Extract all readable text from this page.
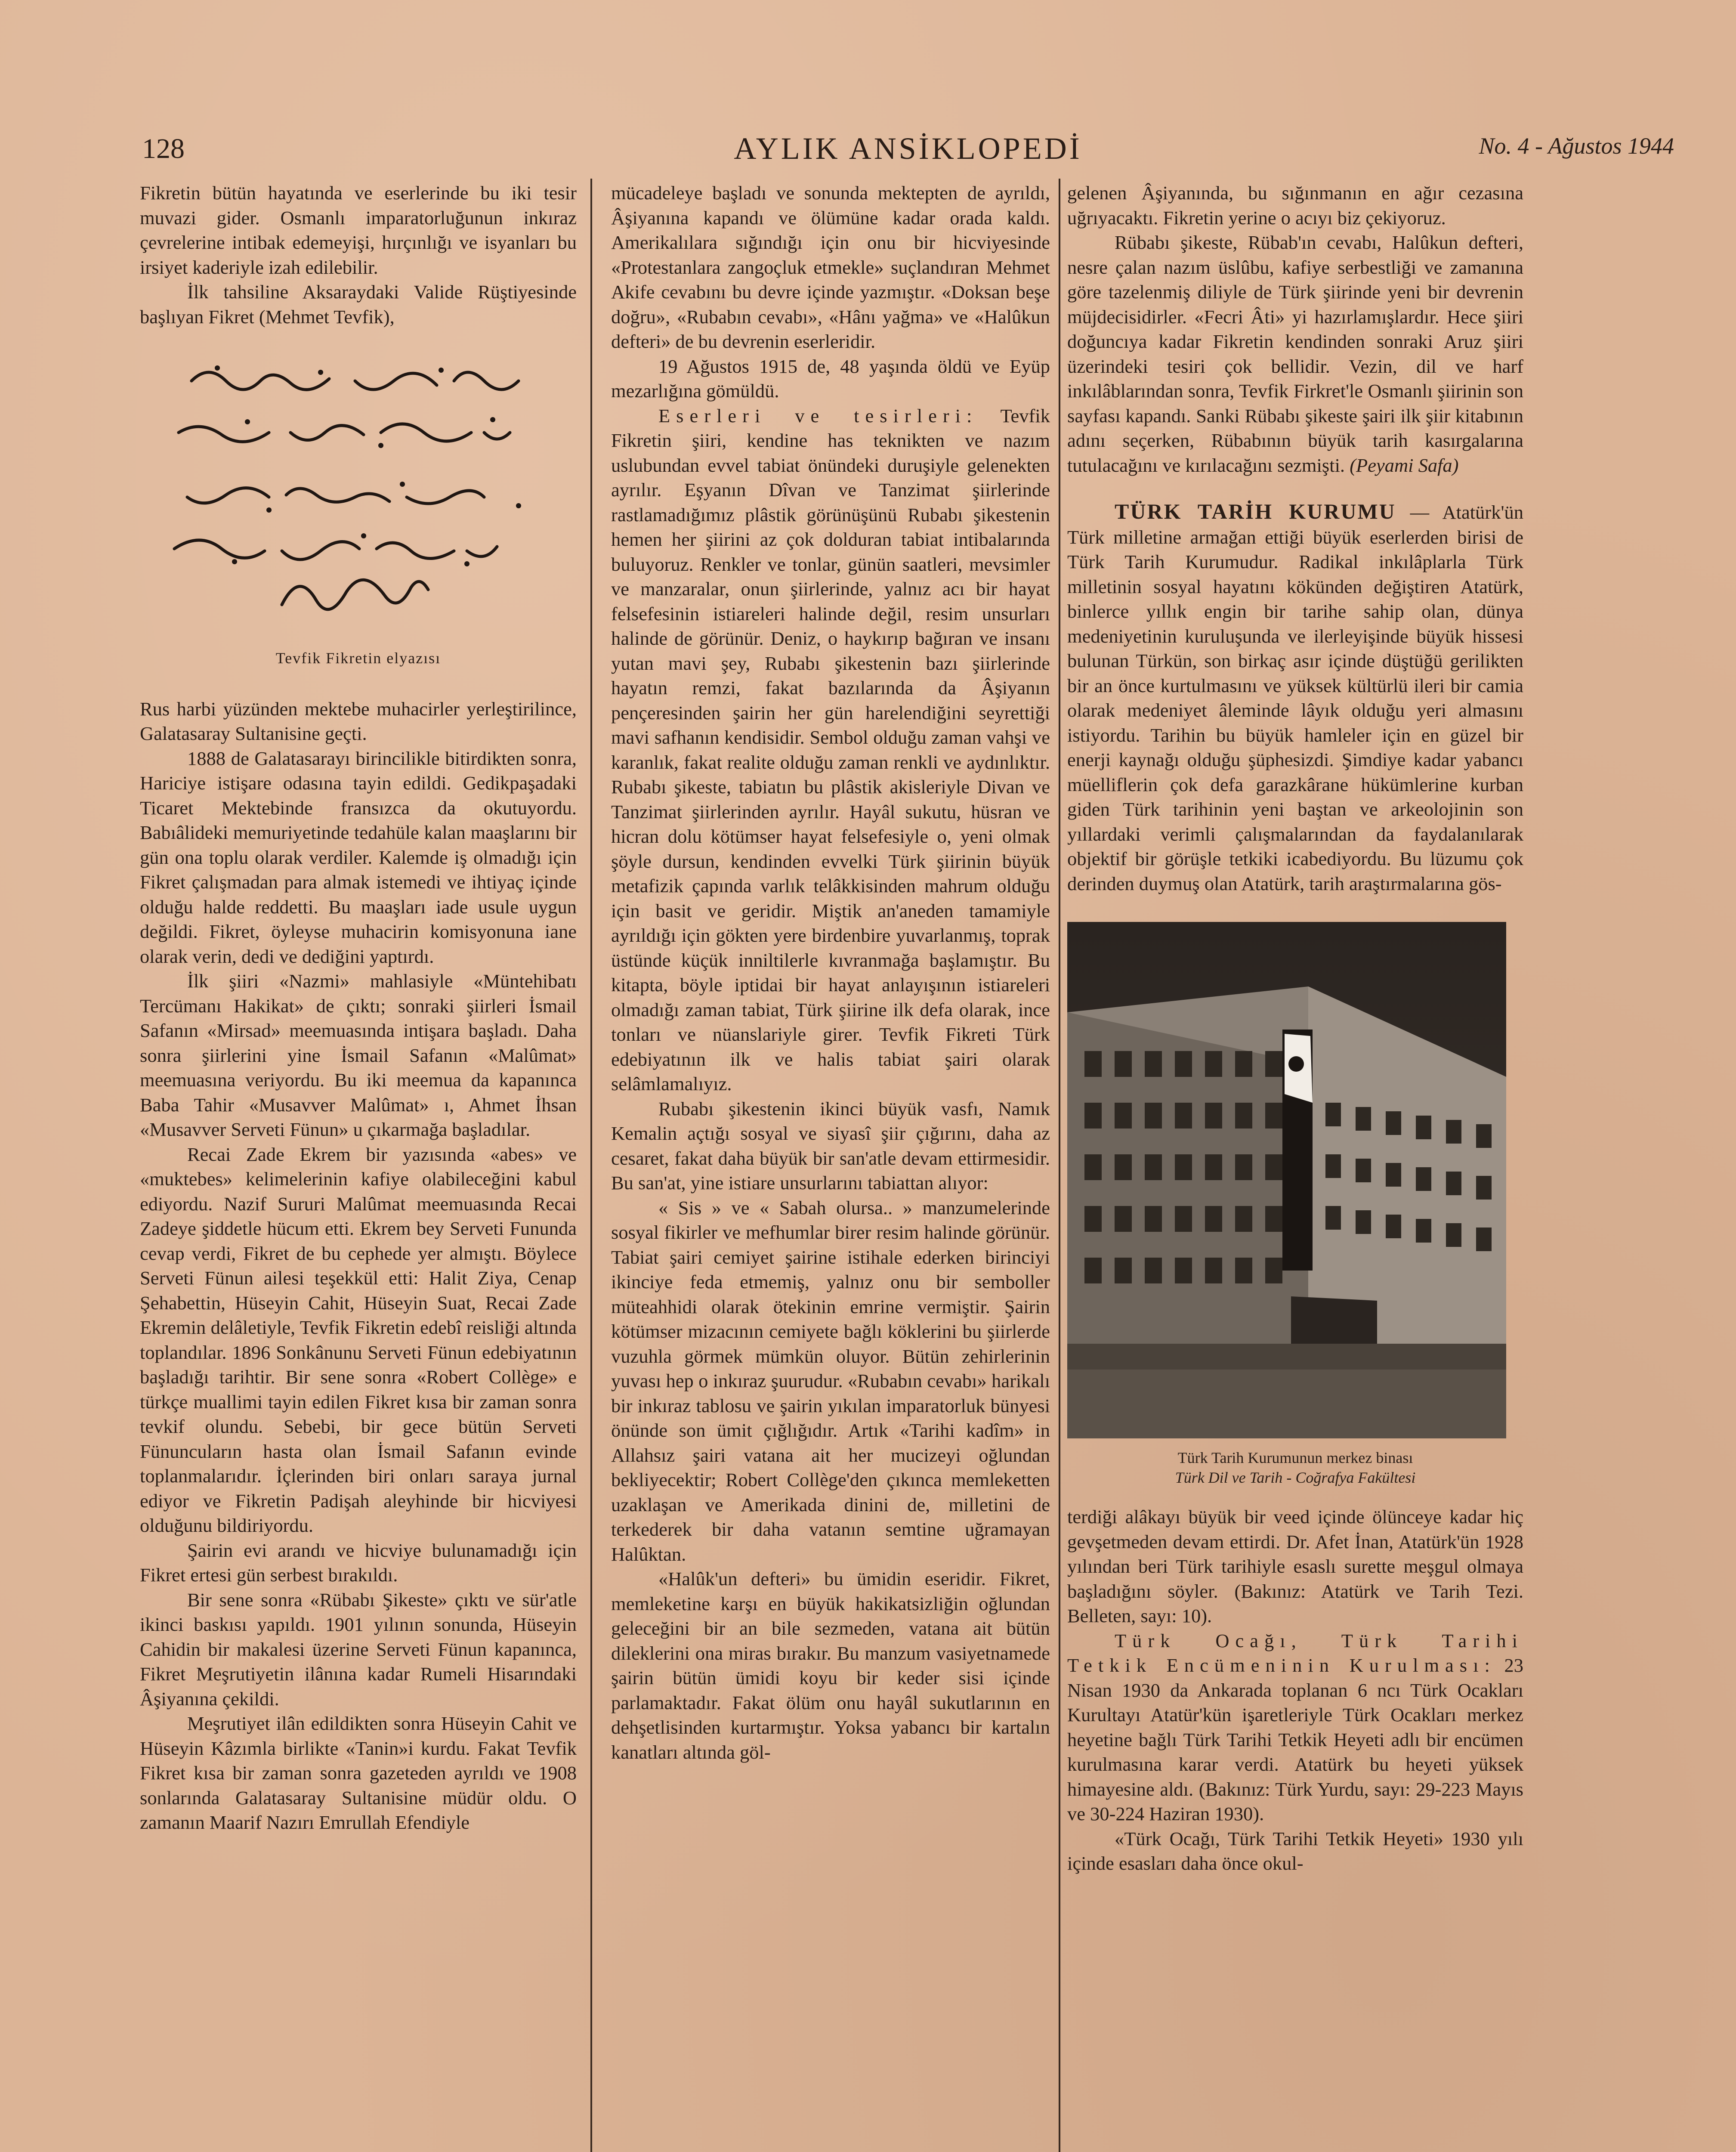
128	AYLIK ANSİKLOPEDİ	No. 4 - Ağustos 1944

Fikretin bütün hayatında ve eserlerinde bu iki tesir muvazi gider. Osmanlı imparatorluğunun inkıraz çevrelerine intibak edemeyişi, hırçınlığı ve isyanları bu irsiyet kaderiyle izah edilebilir.

İlk tahsiline Aksaraydaki Valide Rüştiyesinde başlıyan Fikret (Mehmet Tevfik),

Tevfik Fikretin elyazısı

Rus harbi yüzünden mektebe muhacirler yerleştirilince, Galatasaray Sultanisine geçti.

1888 de Galatasarayı birincilikle bitirdikten sonra, Hariciye istişare odasına tayin edildi. Gedikpaşadaki Ticaret Mektebinde fransızca da okutuyordu. Babıâlideki memuriyetinde tedahüle kalan maaşlarını bir gün ona toplu olarak verdiler. Kalemde iş olmadığı için Fikret çalışmadan para almak istemedi ve ihtiyaç içinde olduğu halde reddetti. Bu maaşları iade usule uygun değildi. Fikret, öyleyse muhacirin komisyonuna iane olarak verin, dedi ve dediğini yaptırdı.

İlk şiiri «Nazmi» mahlasiyle «Müntehibatı Tercümanı Hakikat» de çıktı; sonraki şiirleri İsmail Safanın «Mirsad» meemuasında intişara başladı. Daha sonra şiirlerini yine İsmail Safanın «Malûmat» meemuasına veriyordu. Bu iki meemua da kapanınca Baba Tahir «Musavver Malûmat» ı, Ahmet İhsan «Musavver Serveti Fünun» u çıkarmağa başladılar.

Recai Zade Ekrem bir yazısında «abes» ve «muktebes» kelimelerinin kafiye olabileceğini kabul ediyordu. Nazif Sururi Malûmat meemuasında Recai Zadeye şiddetle hücum etti. Ekrem bey Serveti Fununda cevap verdi, Fikret de bu cephede yer almıştı. Böylece Serveti Fünun ailesi teşekkül etti: Halit Ziya, Cenap Şehabettin, Hüseyin Cahit, Hüseyin Suat, Recai Zade Ekremin delâletiyle, Tevfik Fikretin edebî reisliği altında toplandılar. 1896 Sonkânunu Serveti Fünun edebiyatının başladığı tarihtir. Bir sene sonra «Robert Collège» e türkçe muallimi tayin edilen Fikret kısa bir zaman sonra tevkif olundu. Sebebi, bir gece bütün Serveti Fünuncuların hasta olan İsmail Safanın evinde toplanmalarıdır. İçlerinden biri onları saraya jurnal ediyor ve Fikretin Padişah aleyhinde bir hicviyesi olduğunu bildiriyordu.

Şairin evi arandı ve hicviye bulunamadığı için Fikret ertesi gün serbest bırakıldı.

Bir sene sonra «Rübabı Şikeste» çıktı ve sür'atle ikinci baskısı yapıldı. 1901 yılının sonunda, Hüseyin Cahidin bir makalesi üzerine Serveti Fünun kapanınca, Fikret Meşrutiyetin ilânına kadar Rumeli Hisarındaki Âşiyanına çekildi.

Meşrutiyet ilân edildikten sonra Hüseyin Cahit ve Hüseyin Kâzımla birlikte «Tanin»i kurdu. Fakat Tevfik Fikret kısa bir zaman sonra gazeteden ayrıldı ve 1908 sonlarında Galatasaray Sultanisine müdür oldu. O zamanın Maarif Nazırı Emrullah Efendiyle

mücadeleye başladı ve sonunda mektepten de ayrıldı, Âşiyanına kapandı ve ölümüne kadar orada kaldı. Amerikalılara sığındığı için onu bir hicviyesinde «Protestanlara zangoçluk etmekle» suçlandıran Mehmet Akife cevabını bu devre içinde yazmıştır. «Doksan beşe doğru», «Rubabın cevabı», «Hânı yağma» ve «Halûkun defteri» de bu devrenin eserleridir.

19 Ağustos 1915 de, 48 yaşında öldü ve Eyüp mezarlığına gömüldü.

Eserleri ve tesirleri: Tevfik Fikretin şiiri, kendine has teknikten ve nazım uslubundan evvel tabiat önündeki duruşiyle gelenekten ayrılır. Eşyanın Dîvan ve Tanzimat şiirlerinde rastlamadığımız plâstik görünüşünü Rubabı şikestenin hemen her şiirini az çok dolduran tabiat intibalarında buluyoruz. Renkler ve tonlar, günün saatleri, mevsimler ve manzaralar, onun şiirlerinde, yalnız acı bir hayat felsefesinin istiareleri halinde değil, resim unsurları halinde de görünür. Deniz, o haykırıp bağıran ve insanı yutan mavi şey, Rubabı şikestenin bazı şiirlerinde hayatın remzi, fakat bazılarında da Âşiyanın pençeresinden şairin her gün harelendiğini seyrettiği mavi safhanın kendisidir. Sembol olduğu zaman vahşi ve karanlık, fakat realite olduğu zaman renkli ve aydınlıktır. Rubabı şikeste, tabiatın bu plâstik akisleriyle Divan ve Tanzimat şiirlerinden ayrılır. Hayâl sukutu, hüsran ve hicran dolu kötümser hayat felsefesiyle o, yeni olmak şöyle dursun, kendinden evvelki Türk şiirinin büyük metafizik çapında varlık telâkkisinden mahrum olduğu için basit ve geridir. Miştik an'aneden tamamiyle ayrıldığı için gökten yere birdenbire yuvarlanmış, toprak üstünde küçük inniltilerle kıvranmağa başlamıştır. Bu kitapta, böyle iptidai bir hayat anlayışının istiareleri olmadığı zaman tabiat, Türk şiirine ilk defa olarak, ince tonları ve nüanslariyle girer. Tevfik Fikreti Türk edebiyatının ilk ve halis tabiat şairi olarak selâmlamalıyız.

Rubabı şikestenin ikinci büyük vasfı, Namık Kemalin açtığı sosyal ve siyasî şiir çığırını, daha az cesaret, fakat daha büyük bir san'atle devam ettirmesidir. Bu san'at, yine istiare unsurlarını tabiattan alıyor:

« Sis » ve « Sabah olursa.. » manzumelerinde sosyal fikirler ve mefhumlar birer resim halinde görünür. Tabiat şairi cemiyet şairine istihale ederken birinciyi ikinciye feda etmemiş, yalnız onu bir semboller müteahhidi olarak ötekinin emrine vermiştir. Şairin kötümser mizacının cemiyete bağlı köklerini bu şiirlerde vuzuhla görmek mümkün oluyor. Bütün zehirlerinin yuvası hep o inkıraz şuurudur. «Rubabın cevabı» harikalı bir inkıraz tablosu ve şairin yıkılan imparatorluk bünyesi önünde son ümit çığlığıdır. Artık «Tarihi kadîm» in Allahsız şairi vatana ait her mucizeyi oğlundan bekliyecektir; Robert Collège'den çıkınca memleketten uzaklaşan ve Amerikada dinini de, milletini de terkederek bir daha vatanın semtine uğramayan Halûktan.

«Halûk'un defteri» bu ümidin eseridir. Fikret, memleketine karşı en büyük hakikatsizliğin oğlundan geleceğini bir an bile sezmeden, vatana ait bütün dileklerini ona miras bırakır. Bu manzum vasiyetnamede şairin bütün ümidi koyu bir keder sisi içinde parlamaktadır. Fakat ölüm onu hayâl sukutlarının en dehşetlisinden kurtarmıştır. Yoksa yabancı bir kartalın kanatları altında göl-

gelenen Âşiyanında, bu sığınmanın en ağır cezasına uğrıyacaktı. Fikretin yerine o acıyı biz çekiyoruz.

Rübabı şikeste, Rübab'ın cevabı, Halûkun defteri, nesre çalan nazım üslûbu, kafiye serbestliği ve zamanına göre tazelenmiş diliyle de Türk şiirinde yeni bir devrenin müjdecisidirler. «Fecri Âti» yi hazırlamışlardır. Hece şiiri doğuncıya kadar Fikretin kendinden sonraki Aruz şiiri üzerindeki tesiri çok bellidir. Vezin, dil ve harf inkılâblarından sonra, Tevfik Firkret'le Osmanlı şiirinin son sayfası kapandı. Sanki Rübabı şikeste şairi ilk şiir kitabının adını seçerken, Rübabının büyük tarih kasırgalarına tutulacağını ve kırılacağını sezmişti. (Peyami Safa)

TÜRK TARİH KURUMU — Atatürk'ün Türk milletine armağan ettiği büyük eserlerden birisi de Türk Tarih Kurumudur. Radikal inkılâplarla Türk milletinin sosyal hayatını kökünden değiştiren Atatürk, binlerce yıllık engin bir tarihe sahip olan, dünya medeniyetinin kuruluşunda ve ilerleyişinde büyük hissesi bulunan Türkün, son birkaç asır içinde düştüğü gerilikten bir an önce kurtulmasını ve yüksek kültürlü ileri bir camia olarak medeniyet âleminde lâyık olduğu yeri almasını istiyordu. Tarihin bu büyük hamleler için en güzel bir enerji kaynağı olduğu şüphesizdi. Şimdiye kadar yabancı müelliflerin çok defa garazkârane hükümlerine kurban giden Türk tarihinin yeni baştan ve arkeolojinin son yıllardaki verimli çalışmalarından da faydalanılarak objektif bir görüşle tetkiki icabediyordu. Bu lüzumu çok derinden duymuş olan Atatürk, tarih araştırmalarına gös-

Türk Tarih Kurumunun merkez binası
Türk Dil ve Tarih - Coğrafya Fakültesi

terdiği alâkayı büyük bir veed içinde ölünceye kadar hiç gevşetmeden devam ettirdi. Dr. Afet İnan, Atatürk'ün 1928 yılından beri Türk tarihiyle esaslı surette meşgul olmaya başladığını söyler. (Bakınız: Atatürk ve Tarih Tezi. Belleten, sayı: 10).

Türk Ocağı, Türk Tarihi Tetkik Encümeninin Kurulması: 23 Nisan 1930 da Ankarada toplanan 6 ncı Türk Ocakları Kurultayı Atatür'kün işaretleriyle Türk Ocakları merkez heyetine bağlı Türk Tarihi Tetkik Heyeti adlı bir encümen kurulmasına karar verdi. Atatürk bu heyeti yüksek himayesine aldı. (Bakınız: Türk Yurdu, sayı: 29-223 Mayıs ve 30-224 Haziran 1930).

«Türk Ocağı, Türk Tarihi Tetkik Heyeti» 1930 yılı içinde esasları daha önce okul-
